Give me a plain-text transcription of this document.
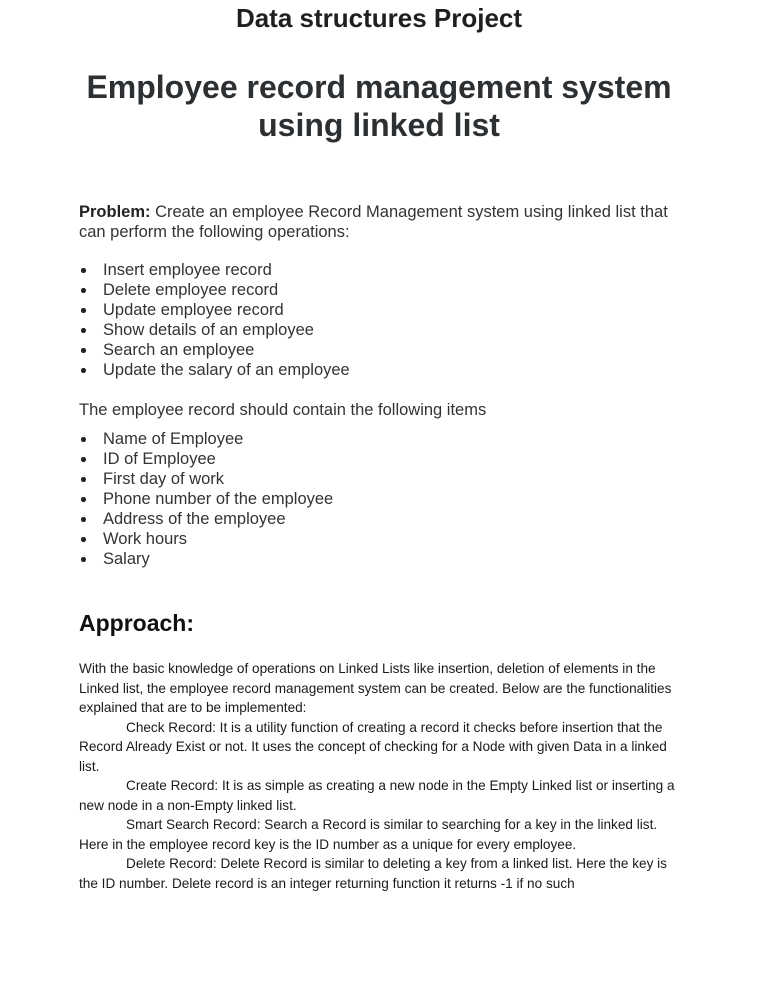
Data structures Project
Employee record management system
using linked list
Problem: Create an employee Record Management system using linked list that can perform the following operations:
Insert employee record
Delete employee record
Update employee record
Show details of an employee
Search an employee
Update the salary of an employee
The employee record should contain the following items
Name of Employee
ID of Employee
First day of work
Phone number of the employee
Address of the employee
Work hours
Salary
Approach:

With the basic knowledge of operations on Linked Lists like insertion, deletion of elements in the Linked list, the employee record management system can be created. Below are the functionalities explained that are to be implemented:

Check Record: It is a utility function of creating a record it checks before insertion that the Record Already Exist or not. It uses the concept of checking for a Node with given Data in a linked list.

Create Record: It is as simple as creating a new node in the Empty Linked list or inserting a new node in a non-Empty linked list.

Smart Search Record: Search a Record is similar to searching for a key in the linked list. Here in the employee record key is the ID number as a unique for every employee.

Delete Record: Delete Record is similar to deleting a key from a linked list. Here the key is the ID number. Delete record is an integer returning function it returns -1 if no such
